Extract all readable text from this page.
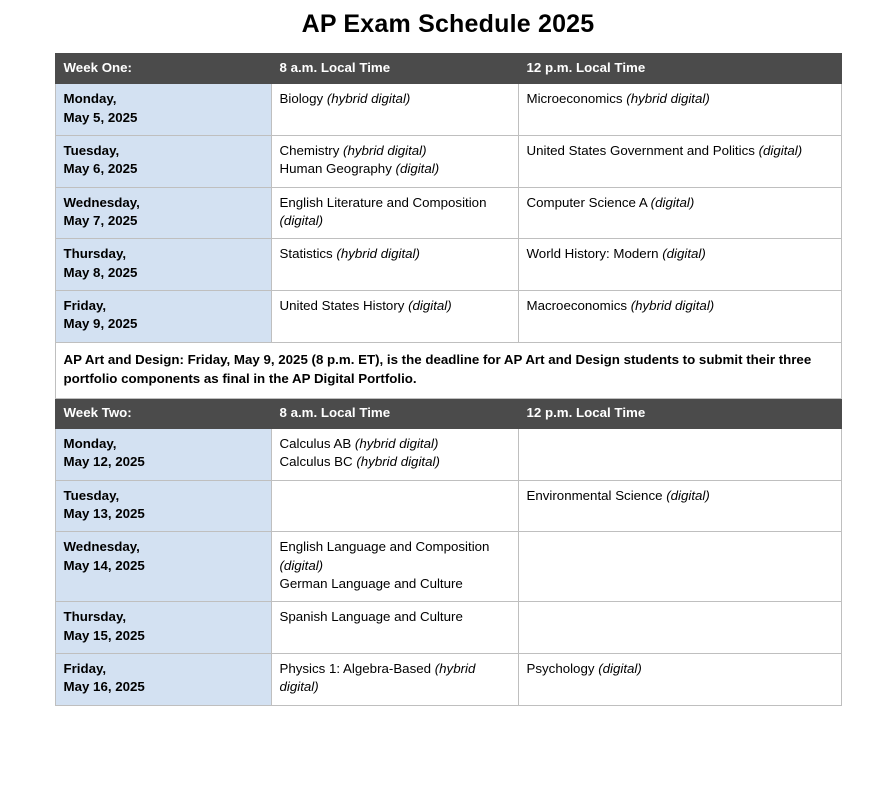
AP Exam Schedule 2025
Week One:	8 a.m. Local Time	12 p.m. Local Time

Monday,
May 5, 2025	Biology (hybrid digital)	Microeconomics (hybrid digital)

Tuesday,
May 6, 2025	Chemistry (hybrid digital)
Human Geography (digital)	United States Government and Politics (digital)

Wednesday,
May 7, 2025	English Literature and Composition (digital)	Computer Science A (digital)

Thursday,
May 8, 2025	Statistics (hybrid digital)	World History: Modern (digital)

Friday,
May 9, 2025	United States History (digital)	Macroeconomics (hybrid digital)

AP Art and Design: Friday, May 9, 2025 (8 p.m. ET), is the deadline for AP Art and Design students to submit their three portfolio components as final in the AP Digital Portfolio.		
Week Two:	8 a.m. Local Time	12 p.m. Local Time

Monday,
May 12, 2025	Calculus AB (hybrid digital)
Calculus BC (hybrid digital)	

Tuesday,
May 13, 2025		Environmental Science (digital)

Wednesday,
May 14, 2025	English Language and Composition (digital)
German Language and Culture	

Thursday,
May 15, 2025	Spanish Language and Culture	

Friday,
May 16, 2025	Physics 1: Algebra-Based (hybrid digital)	Psychology (digital)
